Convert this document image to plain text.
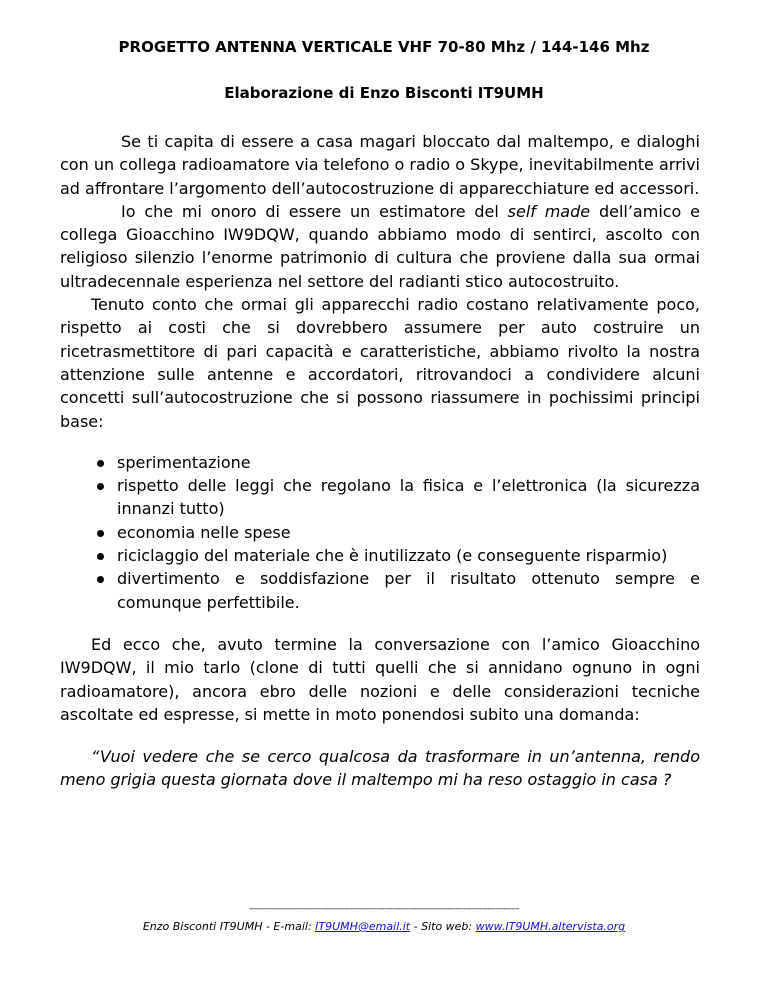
PROGETTO ANTENNA VERTICALE VHF 70-80 Mhz / 144-146 Mhz
Elaborazione di Enzo Bisconti IT9UMH

Se ti capita di essere a casa magari bloccato dal maltempo, e dialoghi con un collega radioamatore via telefono o radio o Skype, inevitabilmente arrivi ad affrontare l’argomento dell’autocostruzione di apparecchiature ed accessori.

Io che mi onoro di essere un estimatore del self made dell’amico e collega Gioacchino IW9DQW, quando abbiamo modo di sentirci, ascolto con religioso silenzio l’enorme patrimonio di cultura che proviene dalla sua ormai ultradecennale esperienza nel settore del radianti stico autocostruito.

Tenuto conto che ormai gli apparecchi radio costano relativamente poco, rispetto ai costi che si dovrebbero assumere per auto costruire un ricetrasmettitore di pari capacità e caratteristiche, abbiamo rivolto la nostra attenzione sulle antenne e accordatori, ritrovandoci a condividere alcuni concetti sull’autocostruzione che si possono riassumere in pochissimi principi base:

sperimentazione
rispetto delle leggi che regolano la fisica e l’elettronica (la sicurezza innanzi tutto)
economia nelle spese
riciclaggio del materiale che è inutilizzato (e conseguente risparmio)
divertimento e soddisfazione per il risultato ottenuto sempre e comunque perfettibile.

Ed ecco che, avuto termine la conversazione con l’amico Gioacchino IW9DQW, il mio tarlo (clone di tutti quelli che si annidano ognuno in ogni radioamatore), ancora ebro delle nozioni e delle considerazioni tecniche ascoltate ed espresse, si mette in moto ponendosi subito una domanda:

“Vuoi vedere che se cerco qualcosa da trasformare in un’antenna, rendo meno grigia questa giornata dove il maltempo mi ha reso ostaggio in casa ?

------------------------------------------------------------------------------------------------------
Enzo Bisconti IT9UMH - E-mail: IT9UMH@email.it - Sito web: www.IT9UMH.altervista.org
